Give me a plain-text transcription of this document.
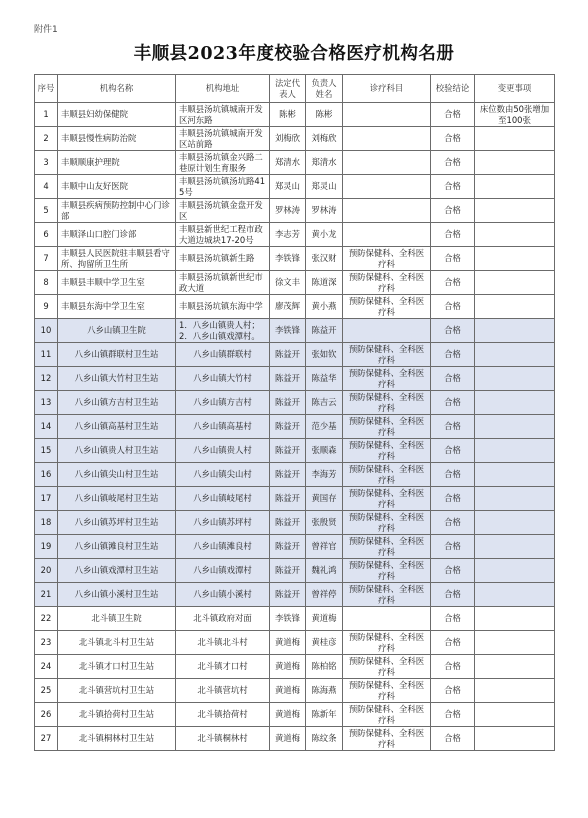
附件1
丰顺县2023年度校验合格医疗机构名册
序号	机构名称	机构地址	法定代表人	负责人姓名	诊疗科目	校验结论	变更事项
1	丰顺县妇幼保健院	丰顺县汤坑镇城南开发区河东路	陈彬	陈彬		合格	床位数由50张增加至100张
2	丰顺县慢性病防治院	丰顺县汤坑镇城南开发区站前路	刘梅欣	刘梅欣		合格	
3	丰顺顺康护理院	丰顺县汤坑镇金兴路二巷原计划生育服务	郑清水	郑清水		合格	
4	丰顺中山友好医院	丰顺县汤坑镇汤坑路415号	郑灵山	郑灵山		合格	
5	丰顺县疾病预防控制中心门诊部	丰顺县汤坑镇金盘开发区	罗林涛	罗林涛		合格	
6	丰顺泽山口腔门诊部	丰顺县新世纪工程市政大道边城块17-20号	李志芳	黄小龙		合格	
7	丰顺县人民医院驻丰顺县看守所、拘留所卫生所	丰顺县汤坑镇新生路	李铁锋	张汉财	预防保健科、全科医疗科	合格	
8	丰顺县丰顺中学卫生室	丰顺县汤坑镇新世纪市政大道	徐文丰	陈道深	预防保健科、全科医疗科	合格	
9	丰顺县东海中学卫生室	丰顺县汤坑镇东海中学	廖茂辉	黄小燕	预防保健科、全科医疗科	合格	
10	八乡山镇卫生院	1．八乡山镇贵人村；2．八乡山镇戏潭村。	李铁锋	陈益开		合格	
11	八乡山镇群联村卫生站	八乡山镇群联村	陈益开	张如钦	预防保健科、全科医疗科	合格	
12	八乡山镇大竹村卫生站	八乡山镇大竹村	陈益开	陈益华	预防保健科、全科医疗科	合格	
13	八乡山镇方吉村卫生站	八乡山镇方吉村	陈益开	陈吉云	预防保健科、全科医疗科	合格	
14	八乡山镇高基村卫生站	八乡山镇高基村	陈益开	范少基	预防保健科、全科医疗科	合格	
15	八乡山镇贵人村卫生站	八乡山镇贵人村	陈益开	张顺森	预防保健科、全科医疗科	合格	
16	八乡山镇尖山村卫生站	八乡山镇尖山村	陈益开	李海芳	预防保健科、全科医疗科	合格	
17	八乡山镇岐尾村卫生站	八乡山镇岐尾村	陈益开	黄国存	预防保健科、全科医疗科	合格	
18	八乡山镇苏坪村卫生站	八乡山镇苏坪村	陈益开	张殷贤	预防保健科、全科医疗科	合格	
19	八乡山镇滩良村卫生站	八乡山镇滩良村	陈益开	曾祥官	预防保健科、全科医疗科	合格	
20	八乡山镇戏潭村卫生站	八乡山镇戏潭村	陈益开	魏礼鸿	预防保健科、全科医疗科	合格	
21	八乡山镇小溪村卫生站	八乡山镇小溪村	陈益开	曾祥停	预防保健科、全科医疗科	合格	
22	北斗镇卫生院	北斗镇政府对面	李铁锋	黄道梅		合格	
23	北斗镇北斗村卫生站	北斗镇北斗村	黄道梅	黄桂彦	预防保健科、全科医疗科	合格	
24	北斗镇才口村卫生站	北斗镇才口村	黄道梅	陈柏铭	预防保健科、全科医疗科	合格	
25	北斗镇营坑村卫生站	北斗镇营坑村	黄道梅	陈海燕	预防保健科、全科医疗科	合格	
26	北斗镇拾荷村卫生站	北斗镇拾荷村	黄道梅	陈新年	预防保健科、全科医疗科	合格	
27	北斗镇桐林村卫生站	北斗镇桐林村	黄道梅	陈纹条	预防保健科、全科医疗科	合格	
